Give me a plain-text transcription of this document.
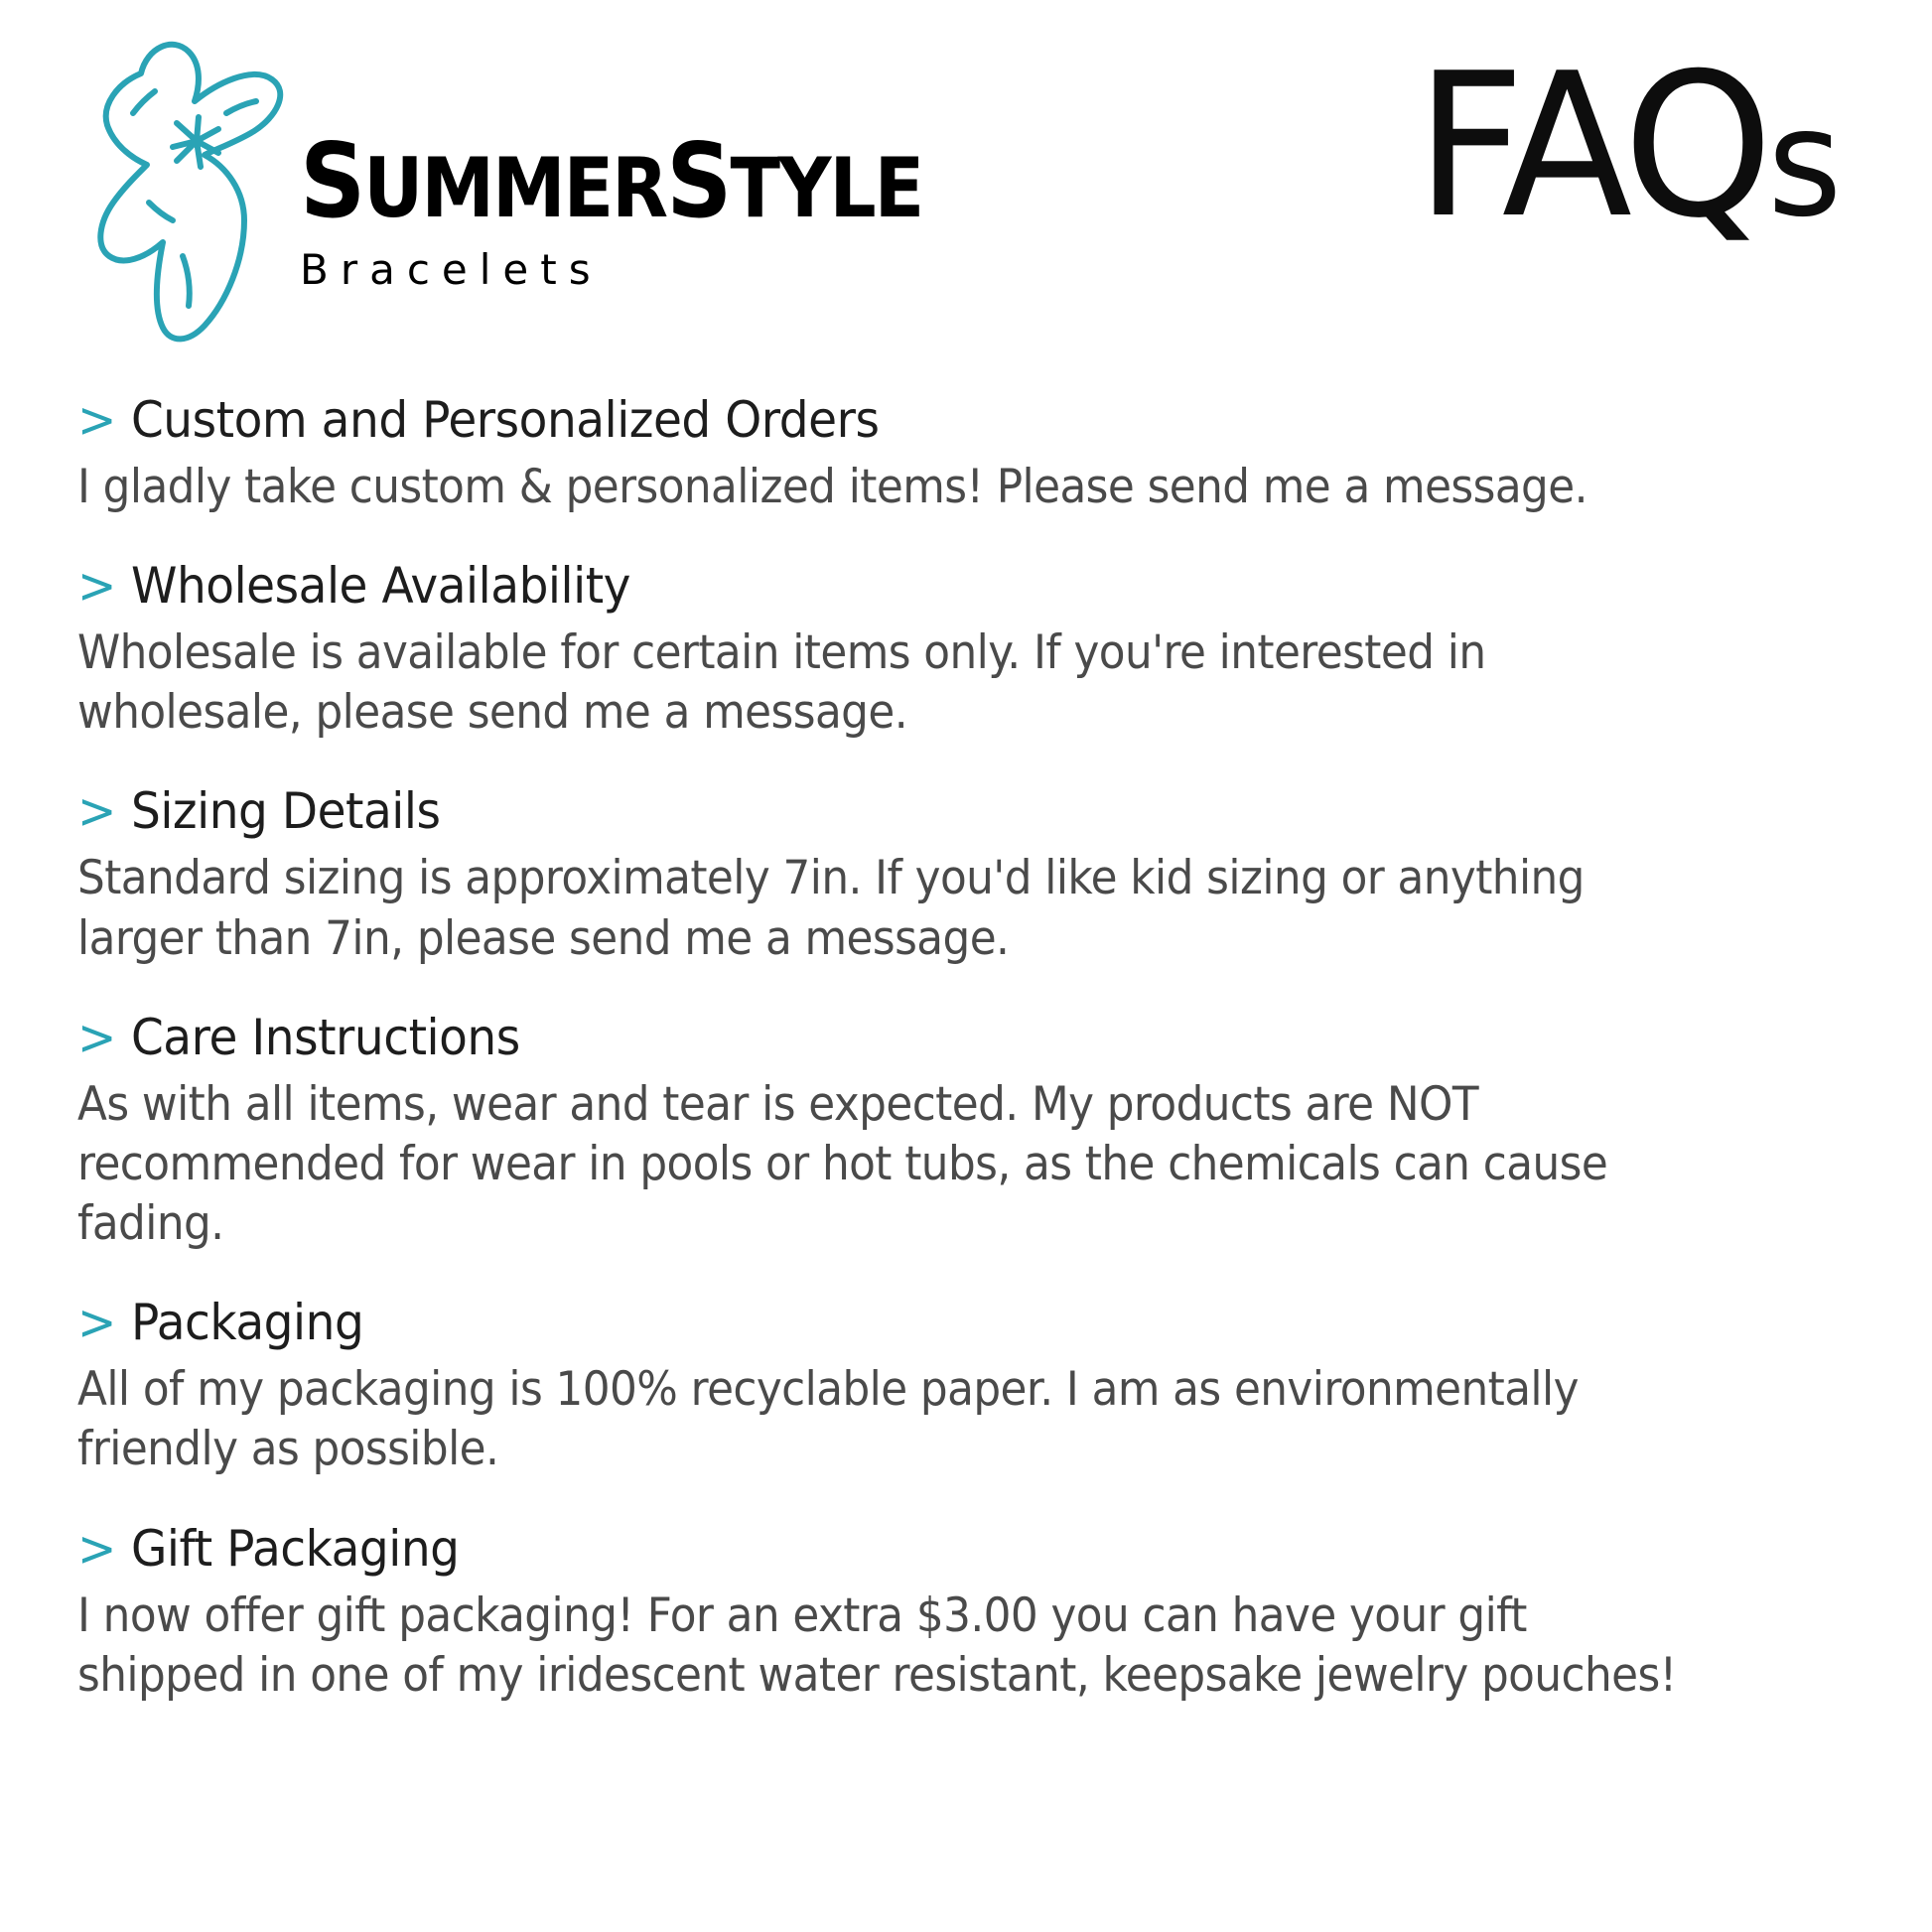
SUMMERSTYLE
Bracelets
FAQs
> Custom and Personalized Orders
I gladly take custom & personalized items! Please send me a message.
> Wholesale Availability
Wholesale is available for certain items only. If you're interested in wholesale, please send me a message.
> Sizing Details
Standard sizing is approximately 7in. If you'd like kid sizing or anything larger than 7in, please send me a message.
> Care Instructions
As with all items, wear and tear is expected. My products are NOT recommended for wear in pools or hot tubs, as the chemicals can cause fading.
> Packaging
All of my packaging is 100% recyclable paper. I am as environmentally friendly as possible.
> Gift Packaging
I now offer gift packaging! For an extra $3.00 you can have your gift shipped in one of my iridescent water resistant, keepsake jewelry pouches!
